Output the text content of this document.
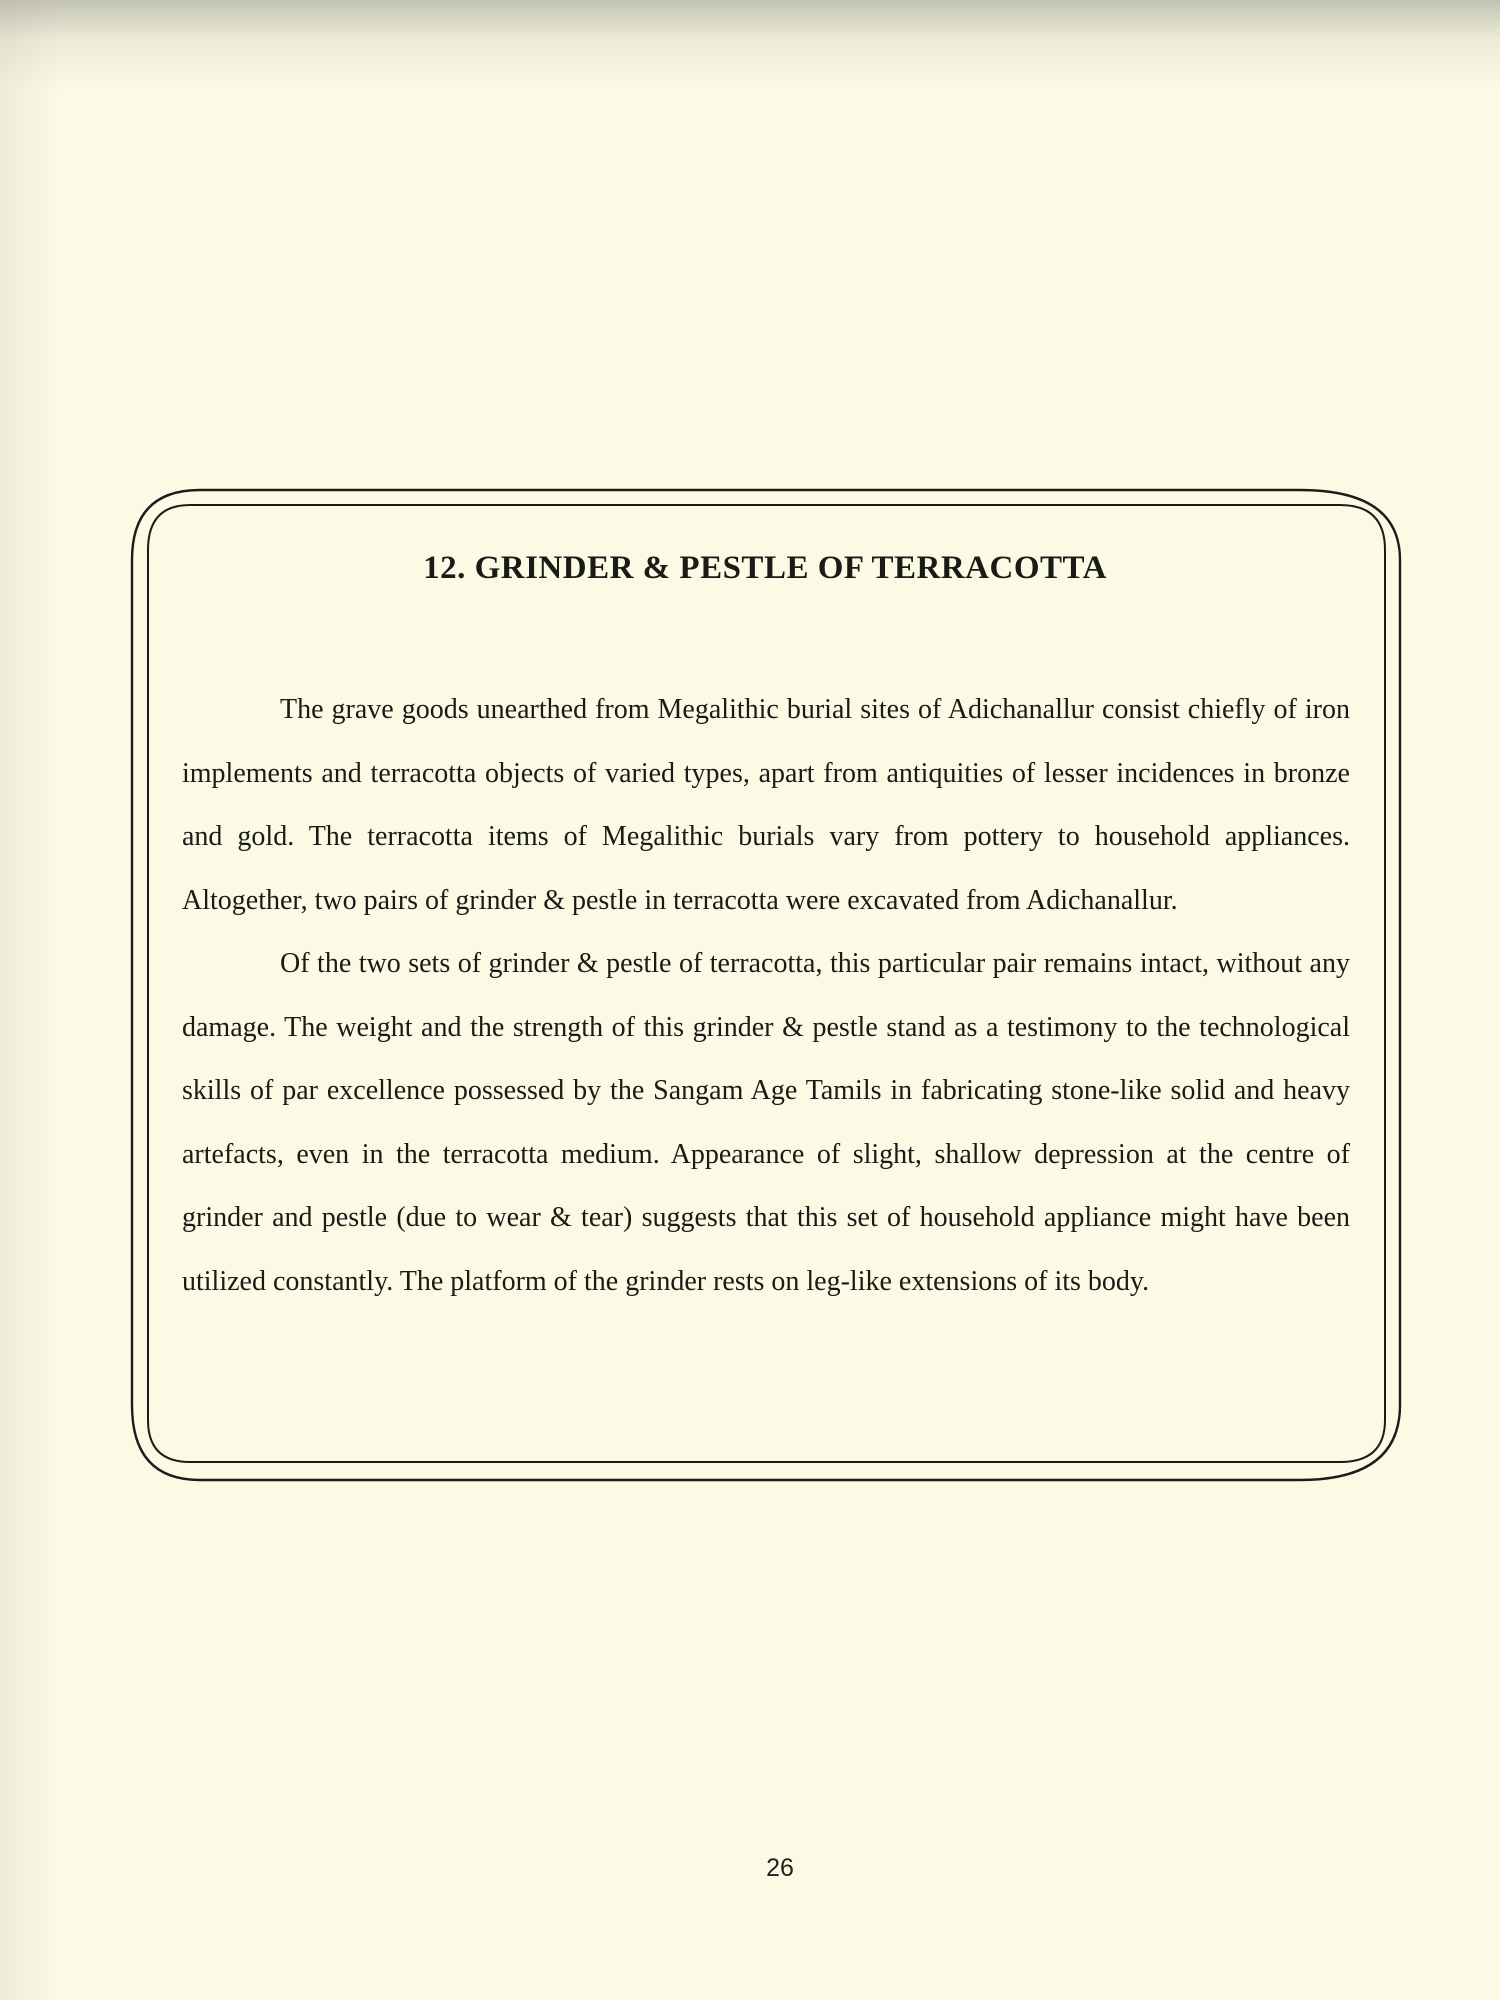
12. GRINDER & PESTLE OF TERRACOTTA

The grave goods unearthed from Megalithic burial sites of Adichanallur consist chiefly of iron implements and terracotta objects of varied types, apart from antiquities of lesser incidences in bronze and gold. The terracotta items of Megalithic burials vary from pottery to household appliances. Altogether, two pairs of grinder & pestle in terracotta were excavated from Adichanallur.

Of the two sets of grinder & pestle of terracotta, this particular pair remains intact, without any damage. The weight and the strength of this grinder & pestle stand as a testimony to the technological skills of par excellence possessed by the Sangam Age Tamils in fabricating stone-like solid and heavy artefacts, even in the terracotta medium. Appearance of slight, shallow depression at the centre of grinder and pestle (due to wear & tear) suggests that this set of household appliance might have been utilized constantly. The platform of the grinder rests on leg-like extensions of its body.

26
